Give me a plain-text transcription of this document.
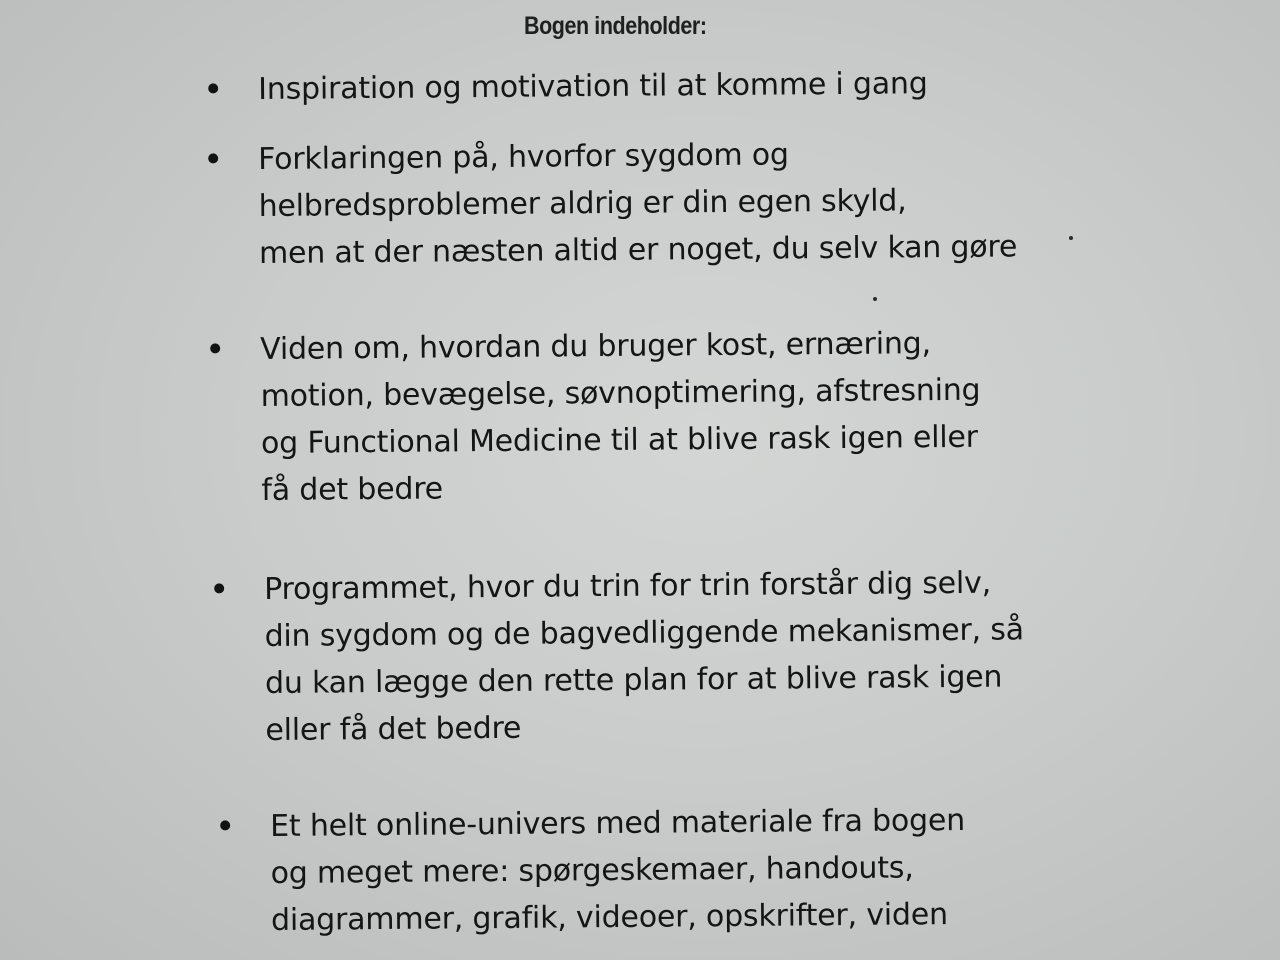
Bogen indeholder:
Inspiration og motivation til at komme i gang
Forklaringen på, hvorfor sygdom og
helbredsproblemer aldrig er din egen skyld,
men at der næsten altid er noget, du selv kan gøre
Viden om, hvordan du bruger kost, ernæring,
motion, bevægelse, søvnoptimering, afstresning
og Functional Medicine til at blive rask igen eller
få det bedre
Programmet, hvor du trin for trin forstår dig selv,
din sygdom og de bagvedliggende mekanismer, så
du kan lægge den rette plan for at blive rask igen
eller få det bedre
Et helt online-univers med materiale fra bogen
og meget mere: spørgeskemaer, handouts,
diagrammer, grafik, videoer, opskrifter, viden
